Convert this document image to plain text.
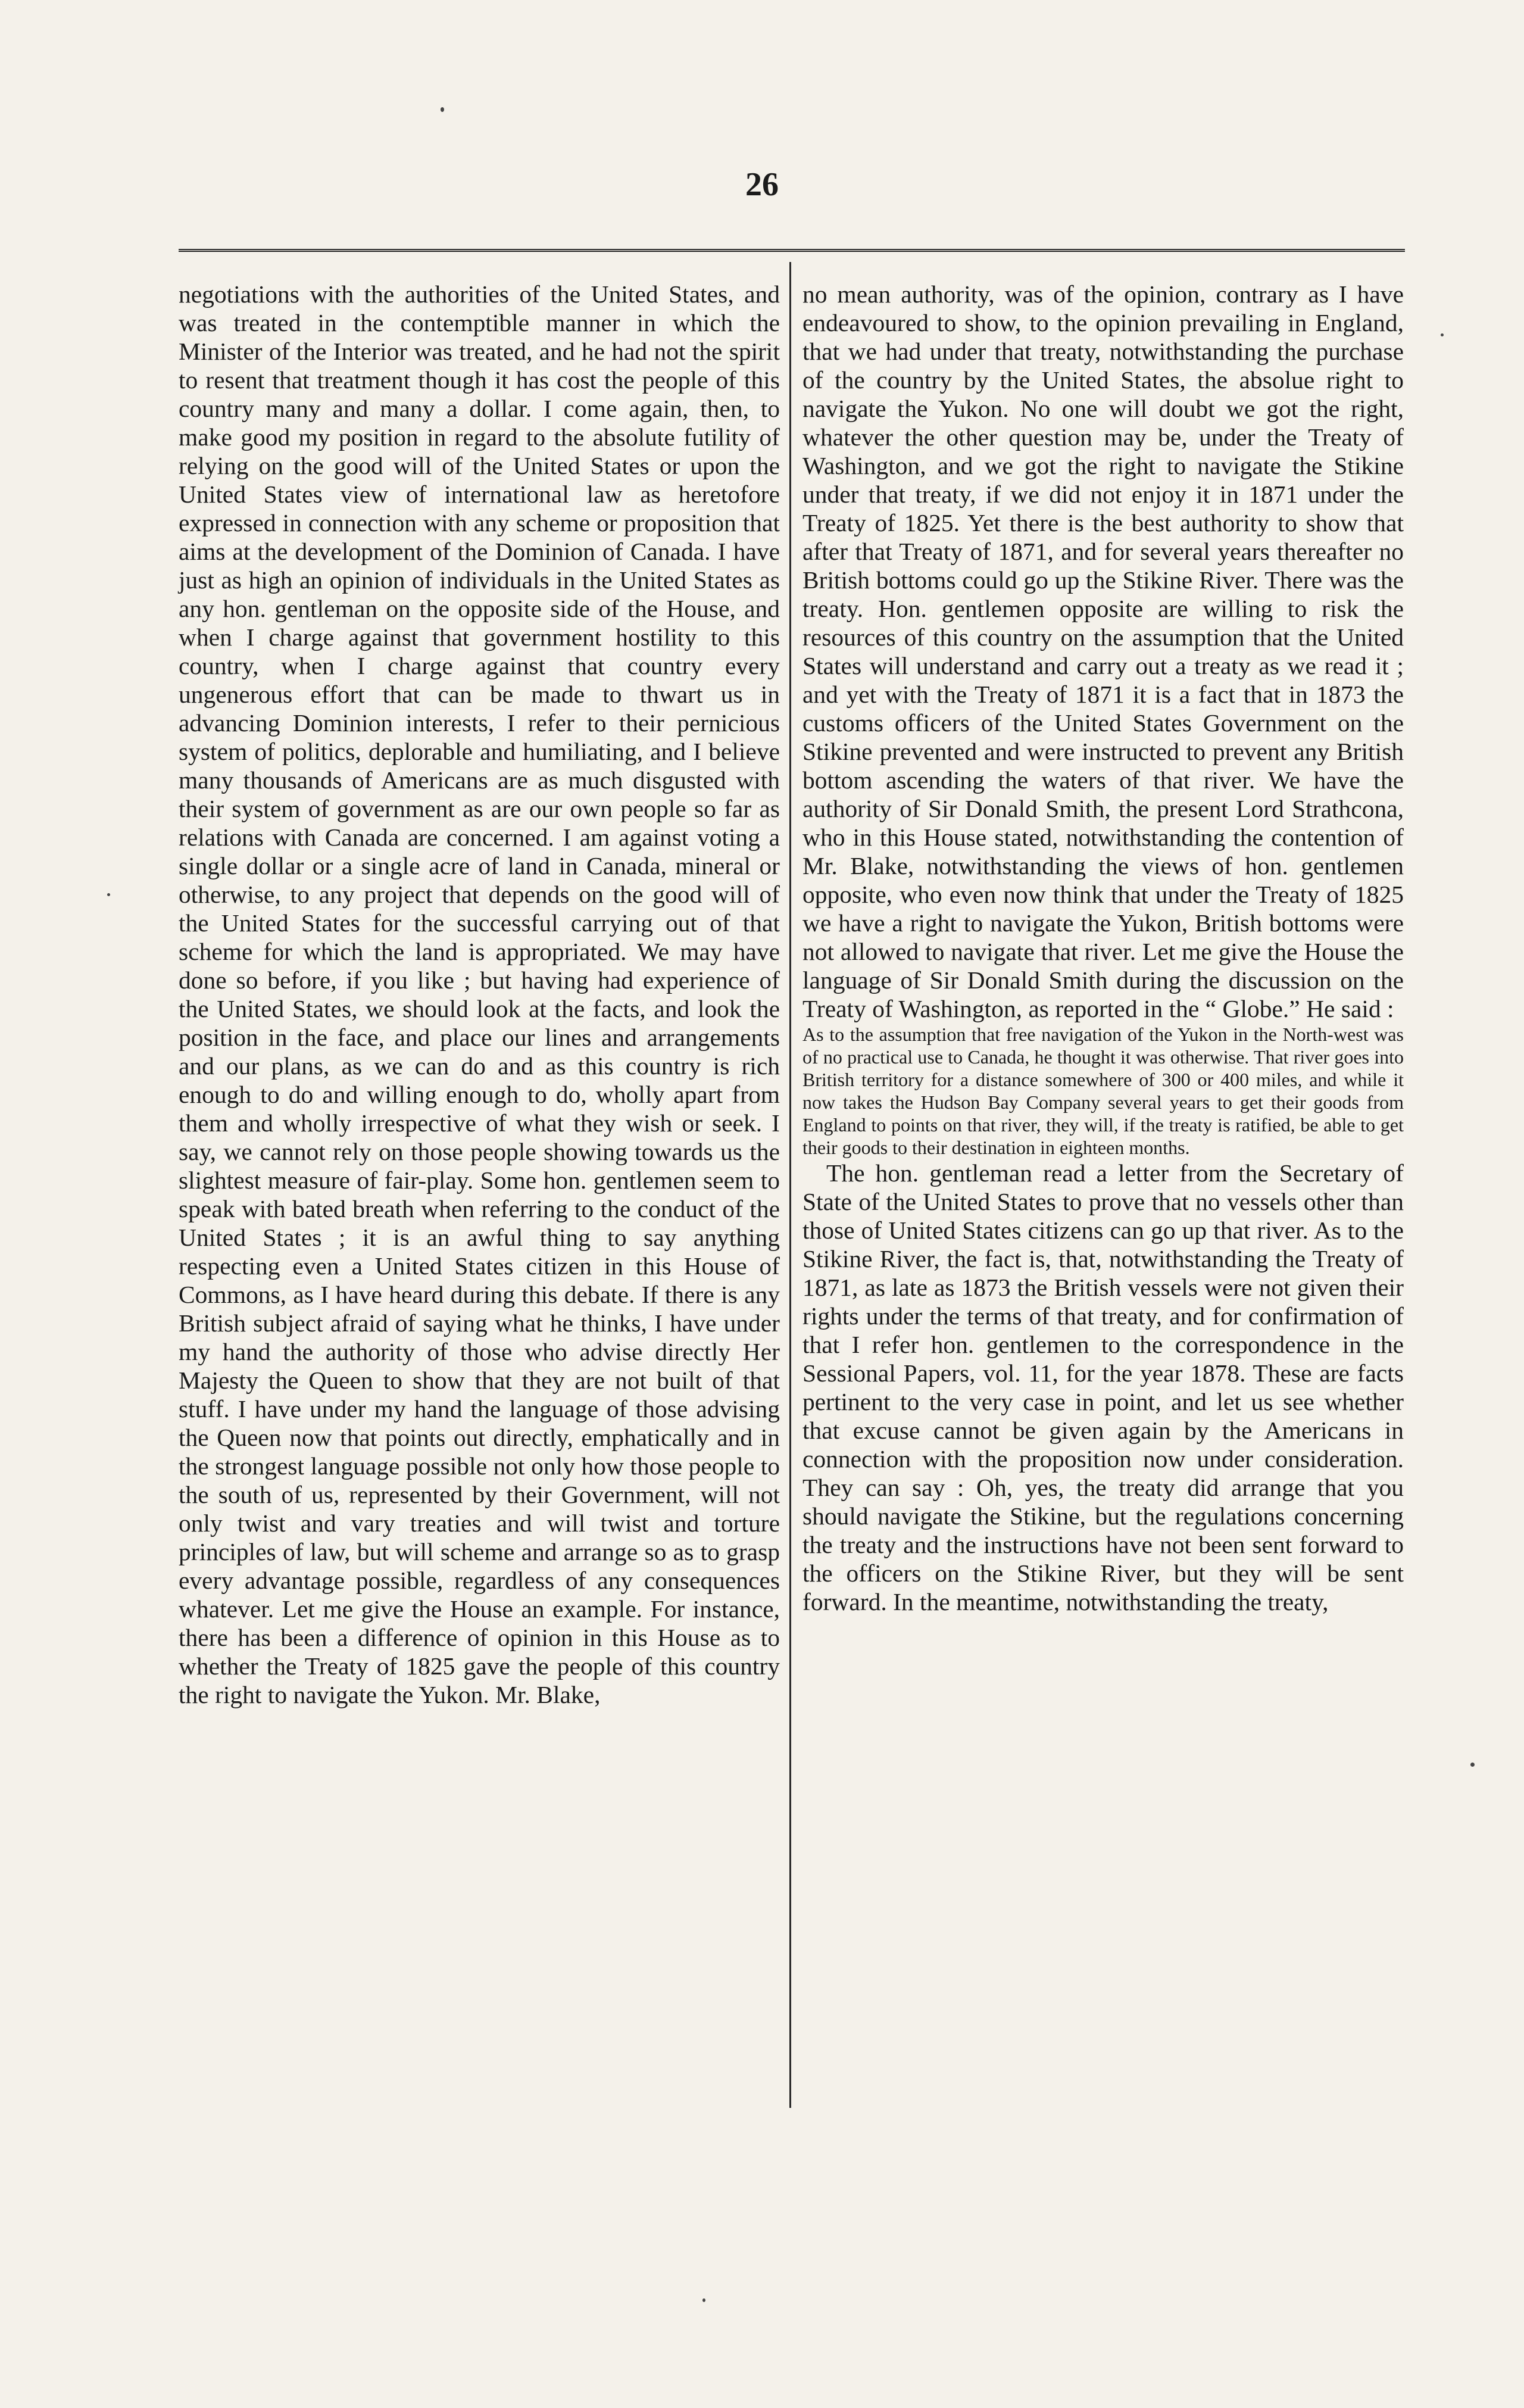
26

negotiations with the authorities of the United States, and was treated in the contemptible manner in which the Minister of the Interior was treated, and he had not the spirit to resent that treatment though it has cost the people of this country many and many a dollar. I come again, then, to make good my position in regard to the absolute futility of relying on the good will of the United States or upon the United States view of international law as heretofore expressed in connection with any scheme or proposition that aims at the development of the Dominion of Canada. I have just as high an opinion of individuals in the United States as any hon. gentleman on the opposite side of the House, and when I charge against that government hostility to this country, when I charge against that country every ungenerous effort that can be made to thwart us in advancing Dominion interests, I refer to their pernicious system of politics, deplorable and humiliating, and I believe many thousands of Americans are as much disgusted with their system of government as are our own people so far as relations with Canada are concerned. I am against voting a single dollar or a single acre of land in Canada, mineral or otherwise, to any project that depends on the good will of the United States for the successful carrying out of that scheme for which the land is appropriated. We may have done so before, if you like ; but having had experience of the United States, we should look at the facts, and look the position in the face, and place our lines and arrangements and our plans, as we can do and as this country is rich enough to do and willing enough to do, wholly apart from them and wholly irrespective of what they wish or seek. I say, we cannot rely on those people showing towards us the slightest measure of fair-play. Some hon. gentlemen seem to speak with bated breath when referring to the conduct of the United States ; it is an awful thing to say anything respecting even a United States citizen in this House of Commons, as I have heard during this debate. If there is any British subject afraid of saying what he thinks, I have under my hand the authority of those who advise directly Her Majesty the Queen to show that they are not built of that stuff. I have under my hand the language of those advising the Queen now that points out directly, emphatically and in the strongest language possible not only how those people to the south of us, represented by their Government, will not only twist and vary treaties and will twist and torture principles of law, but will scheme and arrange so as to grasp every advantage possible, regardless of any consequences whatever. Let me give the House an example. For instance, there has been a difference of opinion in this House as to whether the Treaty of 1825 gave the people of this country the right to navigate the Yukon. Mr. Blake,

no mean authority, was of the opinion, contrary as I have endeavoured to show, to the opinion prevailing in England, that we had under that treaty, notwithstanding the purchase of the country by the United States, the absolue right to navigate the Yukon. No one will doubt we got the right, whatever the other question may be, under the Treaty of Washington, and we got the right to navigate the Stikine under that treaty, if we did not enjoy it in 1871 under the Treaty of 1825. Yet there is the best authority to show that after that Treaty of 1871, and for several years thereafter no British bottoms could go up the Stikine River. There was the treaty. Hon. gentlemen opposite are willing to risk the resources of this country on the assumption that the United States will understand and carry out a treaty as we read it ; and yet with the Treaty of 1871 it is a fact that in 1873 the customs officers of the United States Government on the Stikine prevented and were instructed to prevent any British bottom ascending the waters of that river. We have the authority of Sir Donald Smith, the present Lord Strathcona, who in this House stated, notwithstanding the contention of Mr. Blake, notwithstanding the views of hon. gentlemen opposite, who even now think that under the Treaty of 1825 we have a right to navigate the Yukon, British bottoms were not allowed to navigate that river. Let me give the House the language of Sir Donald Smith during the discussion on the Treaty of Washington, as reported in the “ Globe.” He said :

As to the assumption that free navigation of the Yukon in the North-west was of no practical use to Canada, he thought it was otherwise. That river goes into British territory for a distance somewhere of 300 or 400 miles, and while it now takes the Hudson Bay Company several years to get their goods from England to points on that river, they will, if the treaty is ratified, be able to get their goods to their destination in eighteen months.

The hon. gentleman read a letter from the Secretary of State of the United States to prove that no vessels other than those of United States citizens can go up that river. As to the Stikine River, the fact is, that, notwithstanding the Treaty of 1871, as late as 1873 the British vessels were not given their rights under the terms of that treaty, and for confirmation of that I refer hon. gentlemen to the correspondence in the Sessional Papers, vol. 11, for the year 1878. These are facts pertinent to the very case in point, and let us see whether that excuse cannot be given again by the Americans in connection with the proposition now under consideration. They can say : Oh, yes, the treaty did arrange that you should navigate the Stikine, but the regulations concerning the treaty and the instructions have not been sent forward to the officers on the Stikine River, but they will be sent forward. In the meantime, notwithstanding the treaty,
